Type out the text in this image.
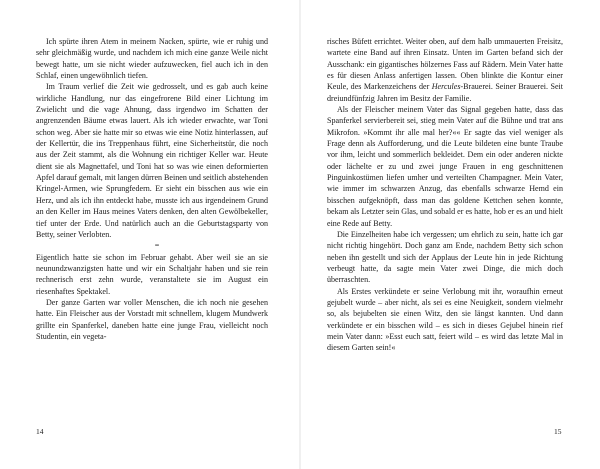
Ich spürte ihren Atem in meinem Nacken, spürte, wie er ruhig und sehr gleichmäßig wurde, und nachdem ich mich eine ganze Weile nicht bewegt hatte, um sie nicht wieder aufzuwecken, fiel auch ich in den Schlaf, einen ungewöhnlich tiefen.

Im Traum verlief die Zeit wie gedrosselt, und es gab auch keine wirkliche Handlung, nur das eingefrorene Bild einer Lichtung im Zwielicht und die vage Ahnung, dass irgendwo im Schatten der angrenzenden Bäume etwas lauert. Als ich wieder erwachte, war Toni schon weg. Aber sie hatte mir so etwas wie eine Notiz hinterlassen, auf der Kellertür, die ins Treppenhaus führt, eine Sicherheitstür, die noch aus der Zeit stammt, als die Wohnung ein richtiger Keller war. Heute dient sie als Magnettafel, und Toni hat so was wie einen deformierten Apfel darauf gemalt, mit langen dürren Beinen und seitlich abstehenden Kringel-Armen, wie Sprungfedern. Er sieht ein bisschen aus wie ein Herz, und als ich ihn entdeckt habe, musste ich aus irgendeinem Grund an den Keller im Haus meines Vaters denken, den alten Gewölbekeller, tief unter der Erde. Und natürlich auch an die Geburtstagsparty von Betty, seiner Verlobten.

=

Eigentlich hatte sie schon im Februar gehabt. Aber weil sie an sie neunundzwanzigsten hatte und wir ein Schaltjahr haben und sie rein rechnerisch erst zehn wurde, veranstaltete sie im August ein riesenhaftes Spektakel.

Der ganze Garten war voller Menschen, die ich noch nie gesehen hatte. Ein Fleischer aus der Vorstadt mit schnellem, klugem Mundwerk grillte ein Spanferkel, daneben hatte eine junge Frau, vielleicht noch Studentin, ein vegeta-

14

risches Büfett errichtet. Weiter oben, auf dem halb ummauerten Freisitz, wartete eine Band auf ihren Einsatz. Unten im Garten befand sich der Ausschank: ein gigantisches hölzernes Fass auf Rädern. Mein Vater hatte es für diesen Anlass anfertigen lassen. Oben blinkte die Kontur einer Keule, des Markenzeichens der Hercules-Brauerei. Seiner Brauerei. Seit dreiundfünfzig Jahren im Besitz der Familie.

Als der Fleischer meinem Vater das Signal gegeben hatte, dass das Spanferkel servierbereit sei, stieg mein Vater auf die Bühne und trat ans Mikrofon. »Kommt ihr alle mal her?«« Er sagte das viel weniger als Frage denn als Aufforderung, und die Leute bildeten eine bunte Traube vor ihm, leicht und sommerlich bekleidet. Dem ein oder anderen nickte oder lächelte er zu und zwei junge Frauen in eng geschnittenen Pinguinkostümen liefen umher und verteilten Champagner. Mein Vater, wie immer im schwarzen Anzug, das ebenfalls schwarze Hemd ein bisschen aufgeknöpft, dass man das goldene Kettchen sehen konnte, bekam als Letzter sein Glas, und sobald er es hatte, hob er es an und hielt eine Rede auf Betty.

Die Einzelheiten habe ich vergessen; um ehrlich zu sein, hatte ich gar nicht richtig hingehört. Doch ganz am Ende, nachdem Betty sich schon neben ihn gestellt und sich der Applaus der Leute hin in jede Richtung verbeugt hatte, da sagte mein Vater zwei Dinge, die mich doch überraschten.

Als Erstes verkündete er seine Verlobung mit ihr, woraufhin erneut gejubelt wurde – aber nicht, als sei es eine Neuigkeit, sondern vielmehr so, als bejubelten sie einen Witz, den sie längst kannten. Und dann verkündete er ein bisschen wild – es sich in dieses Gejubel hinein rief mein Vater dann: »Esst euch satt, feiert wild – es wird das letzte Mal in diesem Garten sein!«

15
